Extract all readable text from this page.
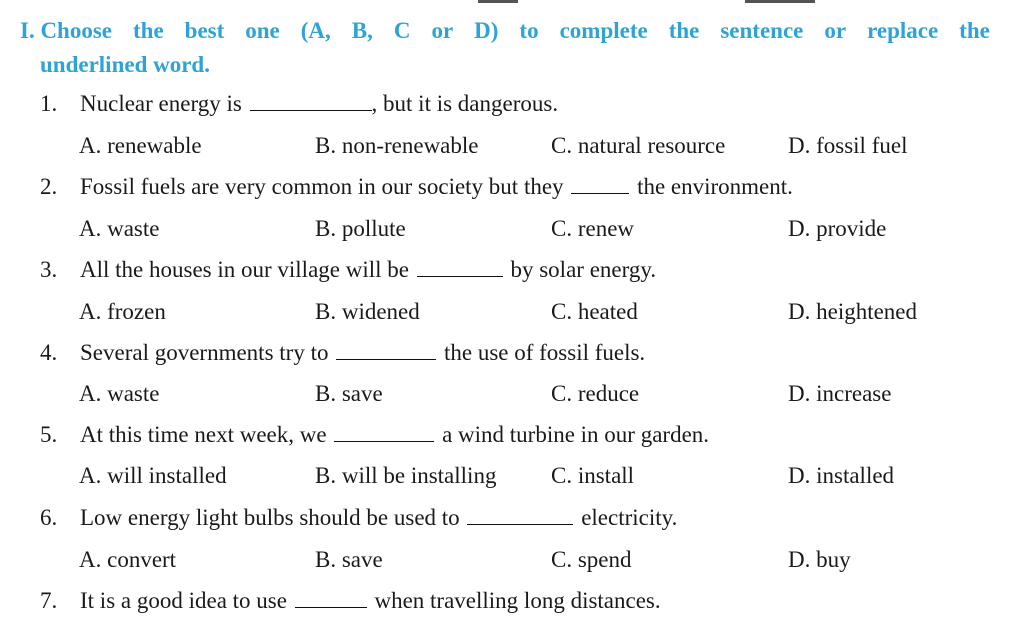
I. Choose the best one (A, B, C or D) to complete the sentence or replace the
underlined word.
1. Nuclear energy is	, but it is dangerous.
A. renewable	B. non-renewable	C. natural resource	D. fossil fuel
2. Fossil fuels are very common in our society but they	the environment.
A. waste	B. pollute	C. renew	D. provide
3. All the houses in our village will be	by solar energy.
A. frozen	B. widened	C. heated	D. heightened
4. Several governments try to	the use of fossil fuels.
A. waste	B. save	C. reduce	D. increase
5. At this time next week, we	a wind turbine in our garden.
A. will installed	B. will be installing C. install	D. installed
6. Low energy light bulbs should be used to	electricity.
A. convert	B. save	C. spend	D. buy
7. It is a good idea to use	when travelling long distances.
